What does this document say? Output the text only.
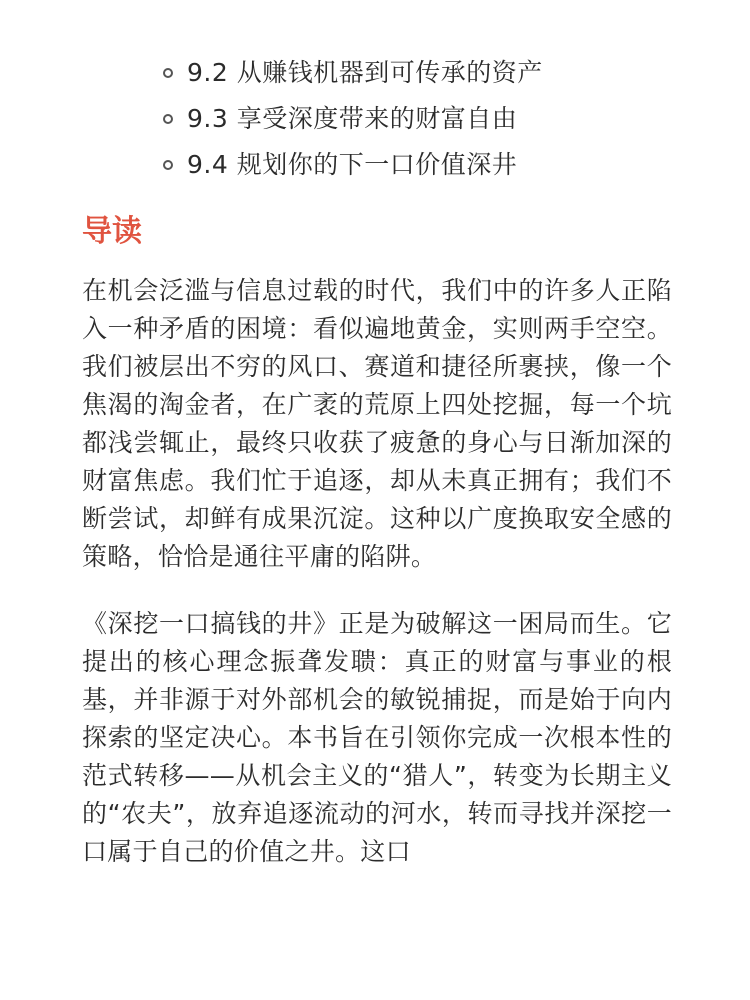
9.2 从赚钱机器到可传承的资产
9.3 享受深度带来的财富自由
9.4 规划你的下一口价值深井
导读

在机会泛滥与信息过载的时代，我们中的许多人正陷入一种矛盾的困境：看似遍地黄金，实则两手空空。我们被层出不穷的风口、赛道和捷径所裹挟，像一个焦渴的淘金者，在广袤的荒原上四处挖掘，每一个坑都浅尝辄止，最终只收获了疲惫的身心与日渐加深的财富焦虑。我们忙于追逐，却从未真正拥有；我们不断尝试，却鲜有成果沉淀。这种以广度换取安全感的策略，恰恰是通往平庸的陷阱。

《深挖一口搞钱的井》正是为破解这一困局而生。它提出的核心理念振聋发聩：真正的财富与事业的根基，并非源于对外部机会的敏锐捕捉，而是始于向内探索的坚定决心。本书旨在引领你完成一次根本性的范式转移——从机会主义的“猎人”，转变为长期主义的“农夫”，放弃追逐流动的河水，转而寻找并深挖一口属于自己的价值之井。这口
